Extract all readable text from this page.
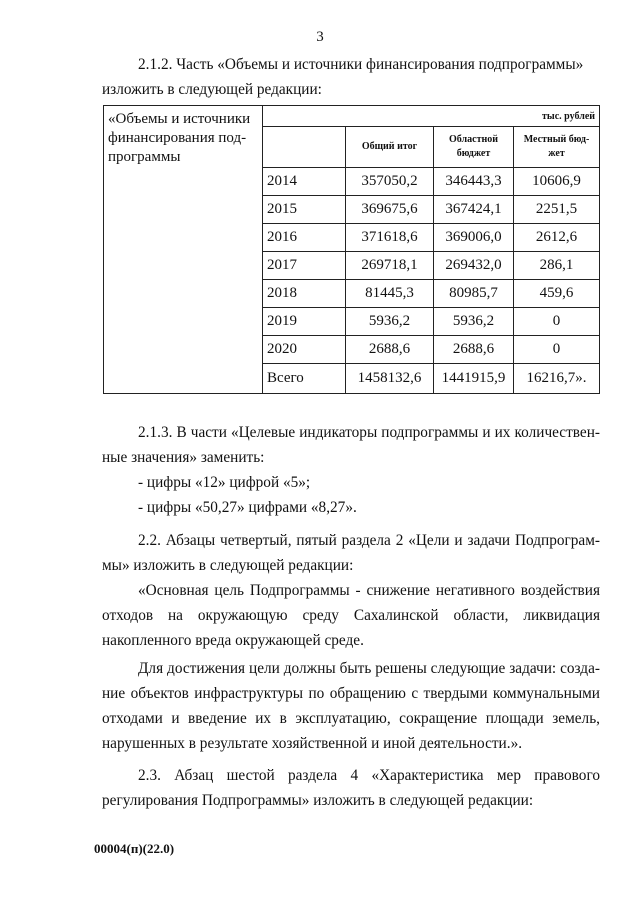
3
2.1.2. Часть «Объемы и источники финансирования подпрограммы»
изложить в следующей редакции:
«Объемы и источники финансирования подпрограммы	тыс. рублей			
		Общий итог	Областной бюджет	Местный бюджет
	2014	357050,2	346443,3	10606,9
	2015	369675,6	367424,1	2251,5
	2016	371618,6	369006,0	2612,6
	2017	269718,1	269432,0	286,1
	2018	81445,3	80985,7	459,6
	2019	5936,2	5936,2	0
	2020	2688,6	2688,6	0
	Всего	1458132,6	1441915,9	16216,7».
2.1.3. В части «Целевые индикаторы подпрограммы и их количественные значения» заменить:
- цифры «12» цифрой «5»;
- цифры «50,27» цифрами «8,27».
2.2. Абзацы четвертый, пятый раздела 2 «Цели и задачи Подпрограммы» изложить в следующей редакции:
«Основная цель Подпрограммы - снижение негативного воздействия отходов на окружающую среду Сахалинской области, ликвидация накопленного вреда окружающей среде.
Для достижения цели должны быть решены следующие задачи: создание объектов инфраструктуры по обращению с твердыми коммунальными отходами и введение их в эксплуатацию, сокращение площади земель, нарушенных в результате хозяйственной и иной деятельности.».
2.3. Абзац шестой раздела 4 «Характеристика мер правового регулирования Подпрограммы» изложить в следующей редакции:
00004(п)(22.0)
